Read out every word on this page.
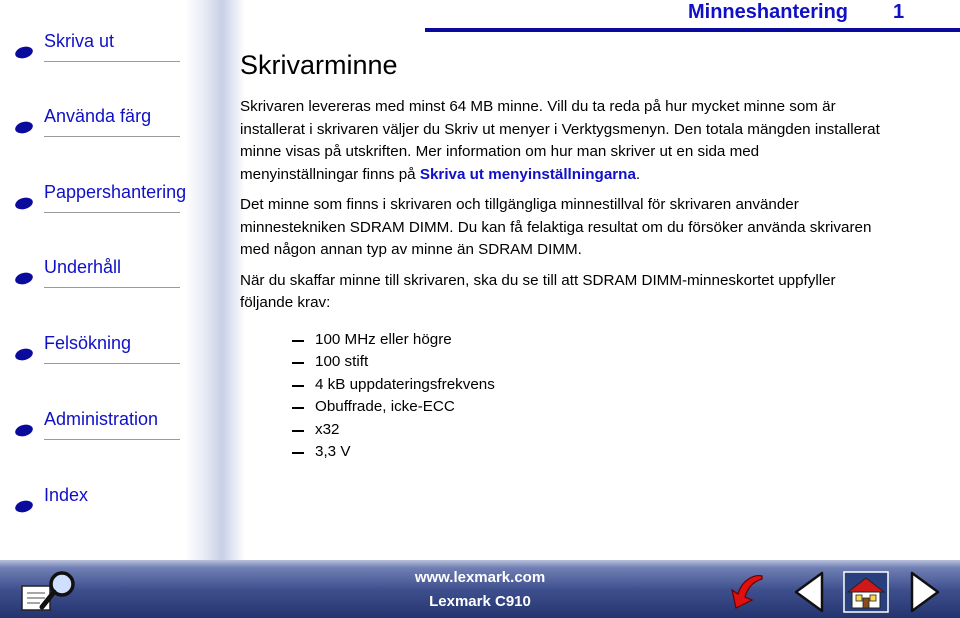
Skriva ut
Använda färg
Pappershantering
Underhåll
Felsökning
Administration
Index
Minneshantering 1
Skrivarminne

Skrivaren levereras med minst 64 MB minne. Vill du ta reda på hur mycket minne som är installerat i skrivaren väljer du Skriv ut menyer i Verktygsmenyn. Den totala mängden installerat minne visas på utskriften. Mer information om hur man skriver ut en sida med menyinställningar finns på Skriva ut menyinställningarna.

Det minne som finns i skrivaren och tillgängliga minnestillval för skrivaren använder minnestekniken SDRAM DIMM. Du kan få felaktiga resultat om du försöker använda skrivaren med någon annan typ av minne än SDRAM DIMM.

När du skaffar minne till skrivaren, ska du se till att SDRAM DIMM-minneskortet uppfyller följande krav:

100 MHz eller högre
100 stift
4 kB uppdateringsfrekvens
Obuffrade, icke-ECC
x32
3,3 V
www.lexmark.com
Lexmark C910
